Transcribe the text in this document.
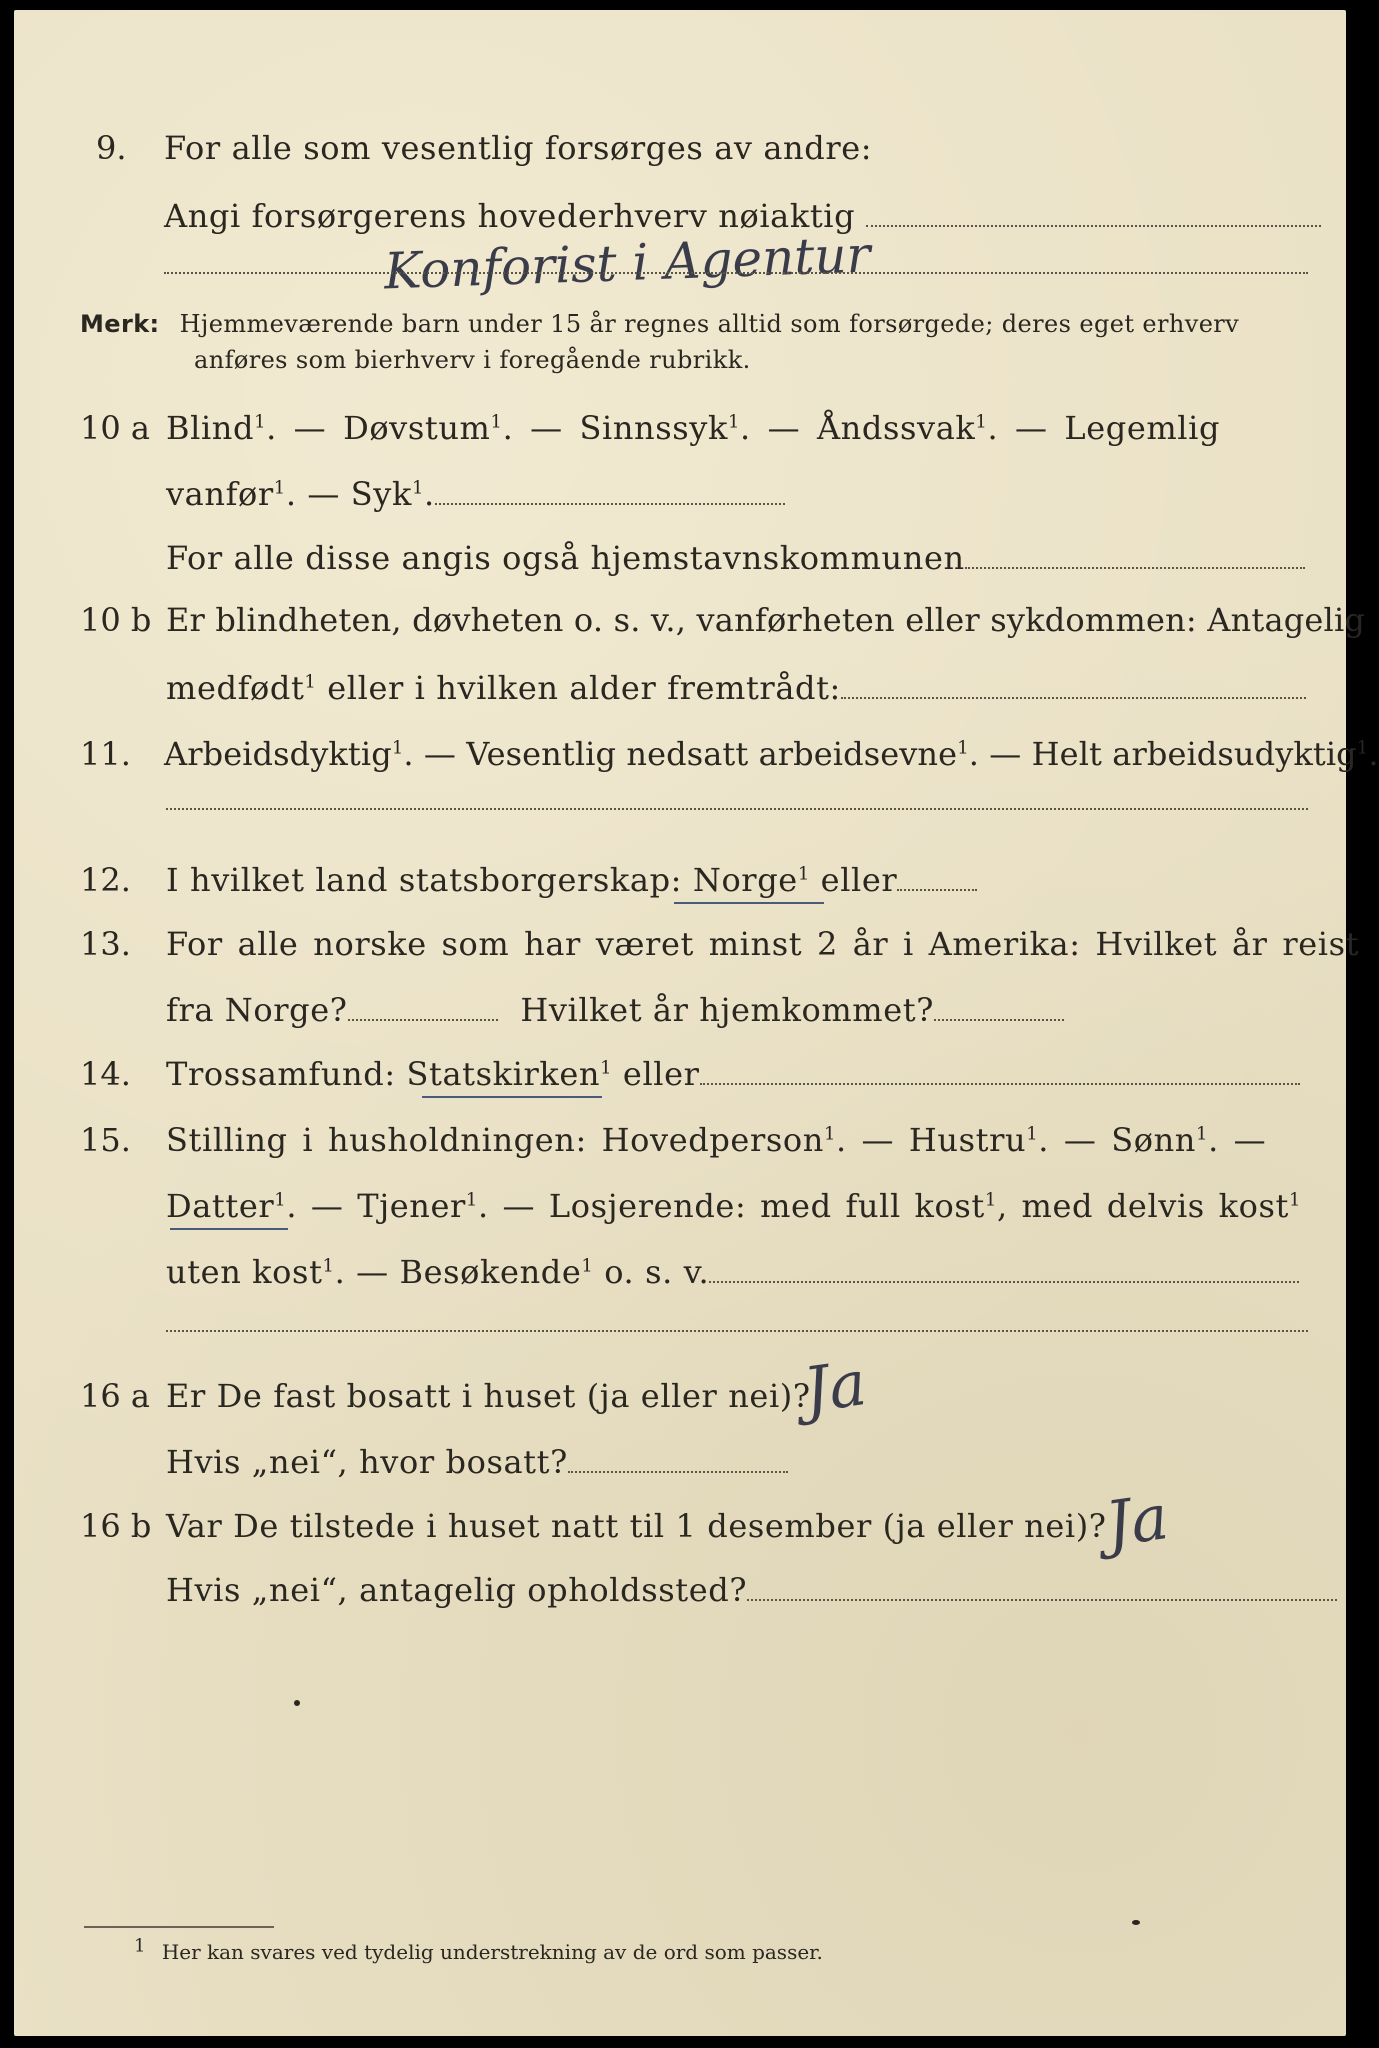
9. For alle som vesentlig forsørges av andre:
Angi forsørgerens hovederhverv nøiaktig
Konforist i Agentur
Merk: Hjemmeværende barn under 15 år regnes alltid som forsørgede; deres eget erhverv
anføres som bierhverv i foregående rubrikk.
10 a Blind$^1$. — Døvstum$^1$. — Sinnssyk$^1$. — Åndssvak$^1$. — Legemlig
vanfør$^1$. — Syk$^1$.
For alle disse angis også hjemstavnskommunen
10 b Er blindheten, døvheten o. s. v., vanførheten eller sykdommen: Antagelig
medfødt$^1$ eller i hvilken alder fremtrådt:
11. Arbeidsdyktig$^1$. — Vesentlig nedsatt arbeidsevne$^1$. — Helt arbeidsudyktig$^1$.
12. I hvilket land statsborgerskap: Norge$^1$ eller
13. For alle norske som har været minst 2 år i Amerika: Hvilket år reist
fra Norge?	Hvilket år hjemkommet?
14. Trossamfund: Statskirken$^1$ eller
15. Stilling i husholdningen: Hovedperson$^1$. — Hustru$^1$. — Sønn$^1$. —
Datter$^1$. — Tjener$^1$. — Losjerende: med full kost$^1$, med delvis kost$^1$
uten kost$^1$. — Besøkende$^1$ o. s. v.
16 a Er De fast bosatt i huset (ja eller nei)?
Ja
Hvis „nei“, hvor bosatt?
16 b Var De tilstede i huset natt til 1 desember (ja eller nei)?
Ja
Hvis „nei“, antagelig opholdssted?
$^1$ Her kan svares ved tydelig understrekning av de ord som passer.
